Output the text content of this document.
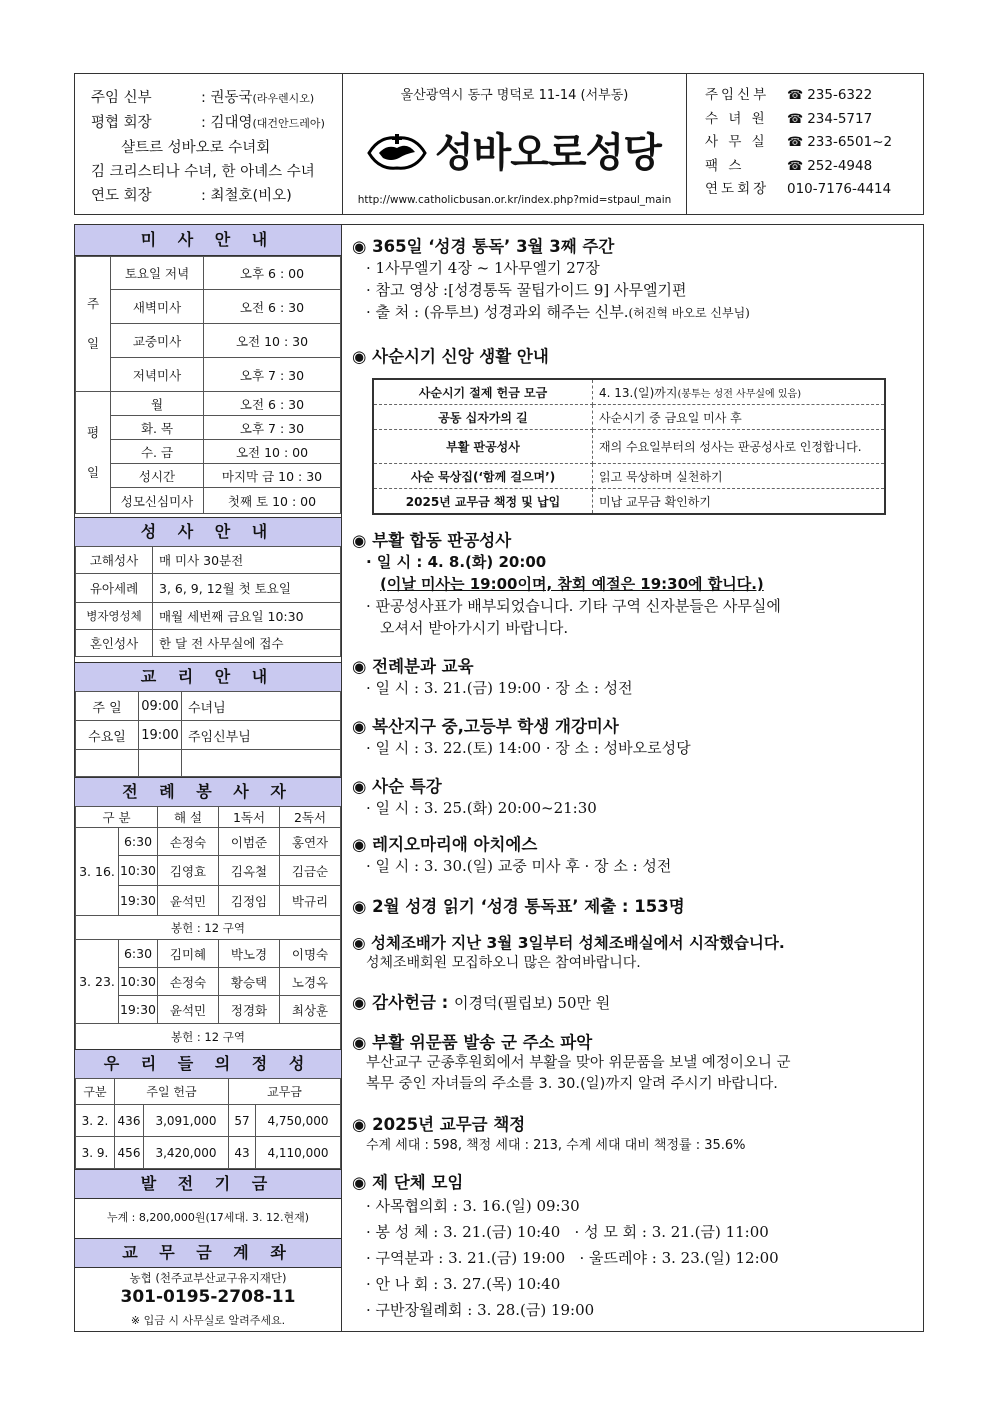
주임 신부	: 권동국(라우렌시오)
평협 회장	: 김대영(대건안드레아)
샬트르 성바오로 수녀회
김 크리스티나 수녀, 한 아녜스 수녀
연도 회장	: 최철호(비오)
울산광역시 동구 명덕로 11-14 (서부동)
성바오로성당
http://www.catholicbusan.or.kr/index.php?mid=stpaul_main
주임신부 ☎ 235-6322
수 녀 원 ☎ 234-5717
사 무 실 ☎ 233-6501~2
팩 스	☎ 252-4948
연도회장 010-7176-4414
미 사 안 내
주
일	토요일 저녁	오후 6 : 00
	새벽미사	오전 6 : 30
	교중미사	오전 10 : 30
	저녁미사	오후 7 : 30
평
일	월	오전 6 : 30
	화. 목	오후 7 : 30
	수. 금	오전 10 : 00
	성시간	마지막 금 10 : 30
	성모신심미사	첫째 토 10 : 00
성 사 안 내
고해성사	매 미사 30분전
유아세례	3, 6, 9, 12월 첫 토요일
병자영성체	매월 세번째 금요일 10:30
혼인성사	한 달 전 사무실에 접수
교 리 안 내
주 일	09:00	수녀님
수요일	19:00	주임신부님

전 례 봉 사 자
구 분		해 설	1독서	2독서
3. 16.	6:30	손정숙	이범준	홍연자
	10:30	김영효	김옥철	김금순
	19:30	윤석민	김정임	박규리
봉헌 : 12 구역				
3. 23.	6:30	김미혜	박노경	이명숙
	10:30	손정숙	황승택	노경옥
	19:30	윤석민	정경화	최상훈
봉헌 : 12 구역				
우 리 들 의 정 성
구분	주일 헌금		교무금	
3. 2.	436	3,091,000	57	4,750,000
3. 9.	456	3,420,000	43	4,110,000
발 전 기 금
누계 : 8,200,000원(17세대. 3. 12.현재)
교 무 금 계 좌
농협 (천주교부산교구유지재단)
301-0195-2708-11
※ 입금 시 사무실로 알려주세요.
◉ 365일 ‘성경 통독’ 3월 3째 주간
· 1사무엘기 4장 ~ 1사무엘기 27장
· 참고 영상 :[성경통독 꿀팁가이드 9] 사무엘기편
· 출 처 : (유투브) 성경과외 해주는 신부.(허진혁 바오로 신부님)
◉ 사순시기 신앙 생활 안내
사순시기 절제 헌금 모금	4. 13.(일)까지(봉투는 성전 사무실에 있음)
공동 십자가의 길	사순시기 중 금요일 미사 후
부활 판공성사	재의 수요일부터의 성사는 판공성사로 인정합니다.
사순 묵상집(‘함께 걸으며’)	읽고 묵상하며 실천하기
2025년 교무금 책정 및 납입	미납 교무금 확인하기
◉ 부활 합동 판공성사
· 일 시 : 4. 8.(화) 20:00
(이날 미사는 19:00이며, 참회 예절은 19:30에 합니다.)
· 판공성사표가 배부되었습니다. 기타 구역 신자분들은 사무실에
오셔서 받아가시기 바랍니다.
◉ 전례분과 교육
· 일 시 : 3. 21.(금) 19:00 · 장 소 : 성전
◉ 복산지구 중,고등부 학생 개강미사
· 일 시 : 3. 22.(토) 14:00 · 장 소 : 성바오로성당
◉ 사순 특강
· 일 시 : 3. 25.(화) 20:00~21:30
◉ 레지오마리애 아치에스
· 일 시 : 3. 30.(일) 교중 미사 후 · 장 소 : 성전
◉ 2월 성경 읽기 ‘성경 통독표’ 제출 : 153명
◉ 성체조배가 지난 3월 3일부터 성체조배실에서 시작했습니다.
성체조배회원 모집하오니 많은 참여바랍니다.
◉ 감사헌금 : 이경덕(필립보) 50만 원
◉ 부활 위문품 발송 군 주소 파악
부산교구 군종후원회에서 부활을 맞아 위문품을 보낼 예정이오니 군
복무 중인 자녀들의 주소를 3. 30.(일)까지 알려 주시기 바랍니다.
◉ 2025년 교무금 책정
수계 세대 : 598, 책정 세대 : 213, 수계 세대 대비 책정률 : 35.6%
◉ 제 단체 모임
· 사목협의회 : 3. 16.(일) 09:30
· 봉 성 체 : 3. 21.(금) 10:40   · 성 모 회 : 3. 21.(금) 11:00
· 구역분과 : 3. 21.(금) 19:00   · 울뜨레야 : 3. 23.(일) 12:00
· 안 나 회 : 3. 27.(목) 10:40
· 구반장월례회 : 3. 28.(금) 19:00
